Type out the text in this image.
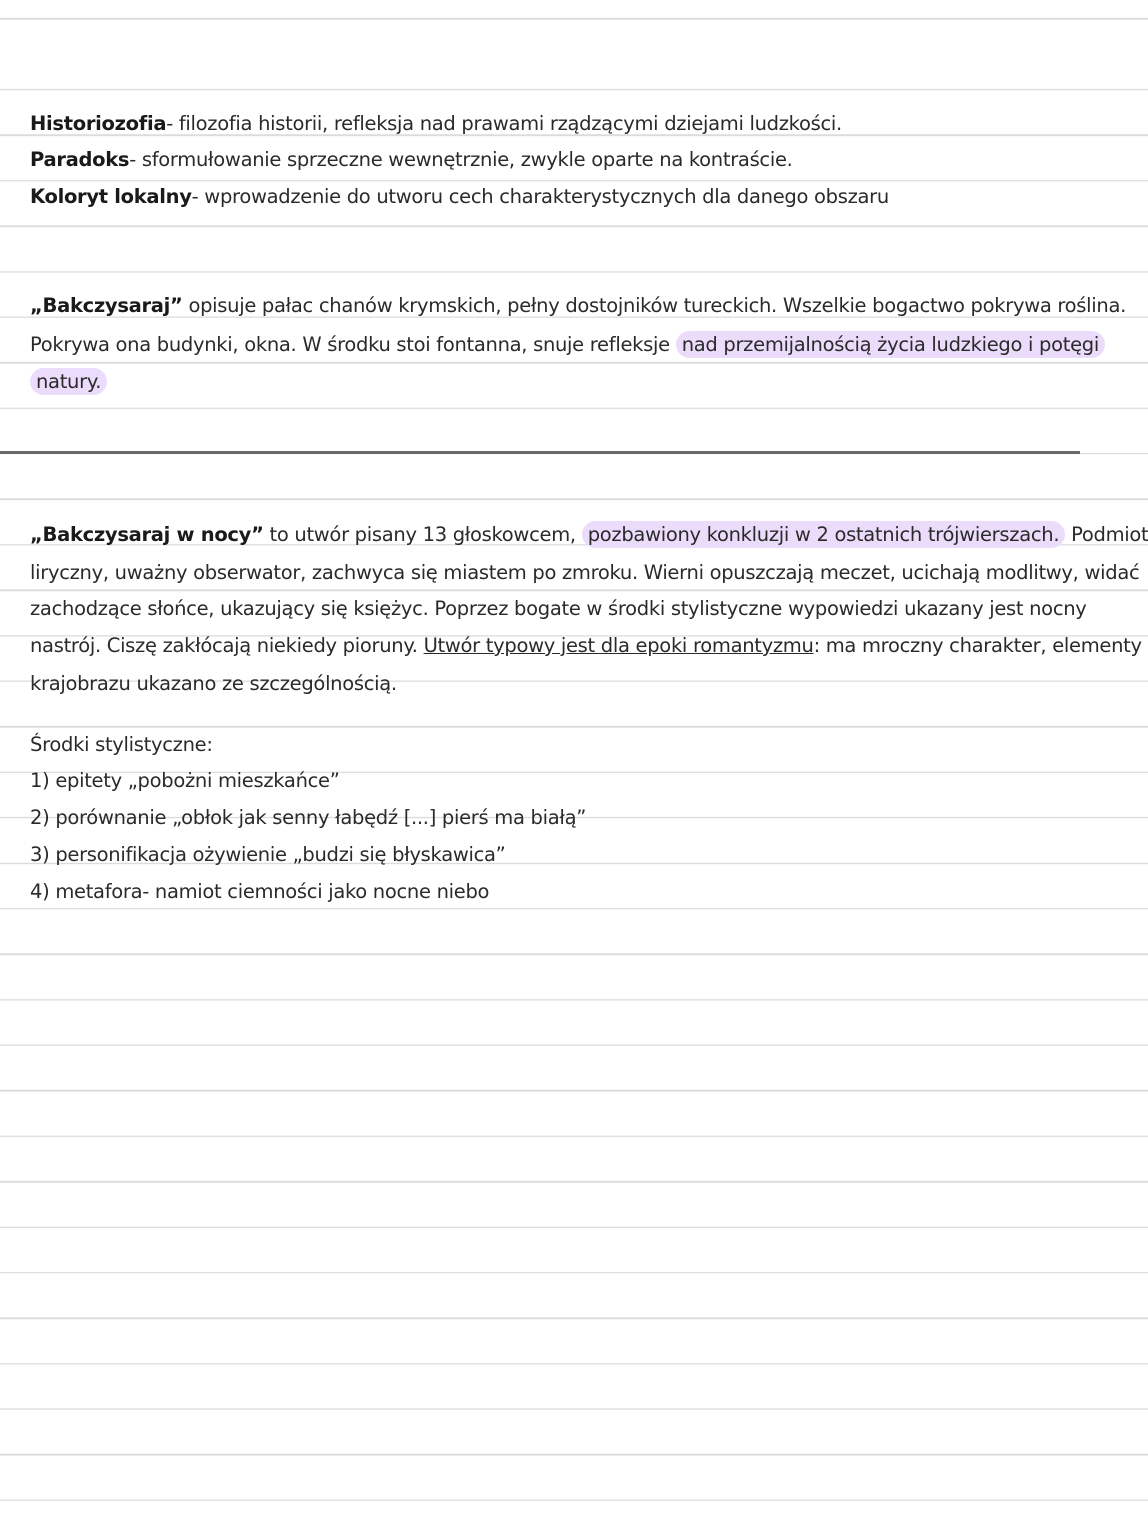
Historiozofia- filozofia historii, refleksja nad prawami rządzącymi dziejami ludzkości.
Paradoks- sformułowanie sprzeczne wewnętrznie, zwykle oparte na kontraście.
Koloryt lokalny- wprowadzenie do utworu cech charakterystycznych dla danego obszaru
„Bakczysaraj” opisuje pałac chanów krymskich, pełny dostojników tureckich. Wszelkie bogactwo pokrywa roślina.
Pokrywa ona budynki, okna. W środku stoi fontanna, snuje refleksje nad przemijalnością życia ludzkiego i potęgi
natury.
„Bakczysaraj w nocy” to utwór pisany 13 głoskowcem, pozbawiony konkluzji w 2 ostatnich trójwierszach. Podmiot
liryczny, uważny obserwator, zachwyca się miastem po zmroku. Wierni opuszczają meczet, ucichają modlitwy, widać
zachodzące słońce, ukazujący się księżyc. Poprzez bogate w środki stylistyczne wypowiedzi ukazany jest nocny
nastrój. Ciszę zakłócają niekiedy pioruny. Utwór typowy jest dla epoki romantyzmu: ma mroczny charakter, elementy
krajobrazu ukazano ze szczególnością.
Środki stylistyczne:
1) epitety „pobożni mieszkańce”
2) porównanie „obłok jak senny łabędź [...] pierś ma białą”
3) personifikacja ożywienie „budzi się błyskawica”
4) metafora- namiot ciemności jako nocne niebo
